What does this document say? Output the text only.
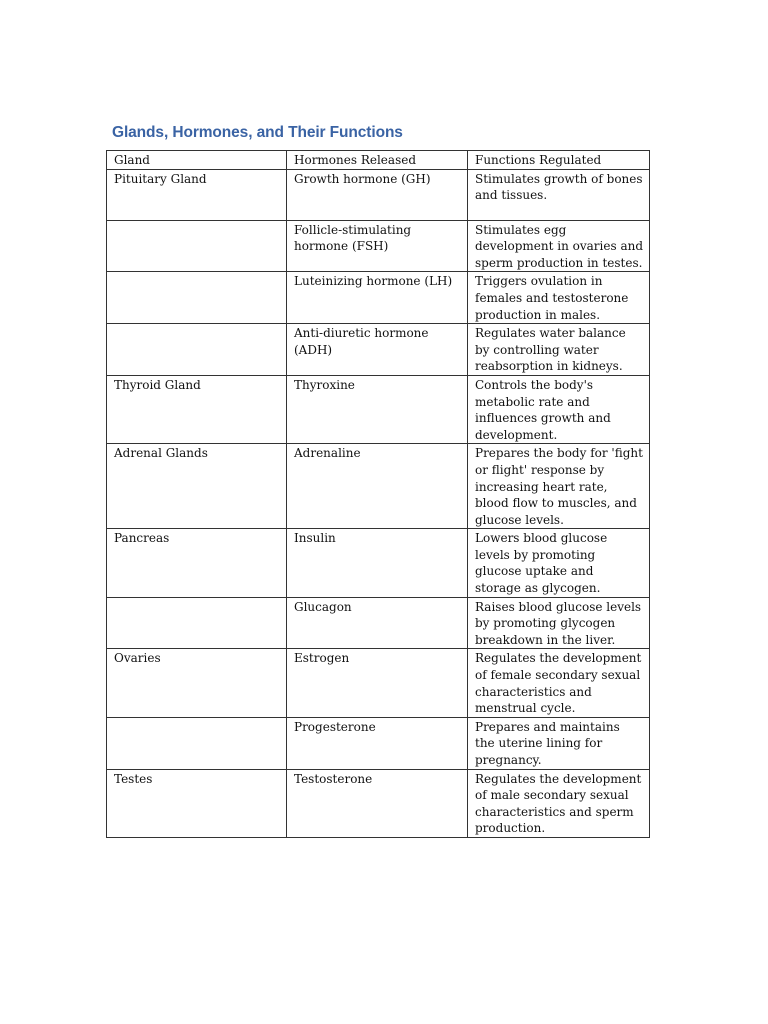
Glands, Hormones, and Their Functions
Gland	Hormones Released	Functions Regulated
Pituitary Gland	Growth hormone (GH)	Stimulates growth of bones and tissues.
	Follicle-stimulating hormone (FSH)	Stimulates egg development in ovaries and sperm production in testes.
	Luteinizing hormone (LH)	Triggers ovulation in females and testosterone production in males.
	Anti-diuretic hormone (ADH)	Regulates water balance by controlling water reabsorption in kidneys.
Thyroid Gland	Thyroxine	Controls the body's metabolic rate and influences growth and development.
Adrenal Glands	Adrenaline	Prepares the body for 'fight or flight' response by increasing heart rate, blood flow to muscles, and glucose levels.
Pancreas	Insulin	Lowers blood glucose levels by promoting glucose uptake and storage as glycogen.
	Glucagon	Raises blood glucose levels by promoting glycogen breakdown in the liver.
Ovaries	Estrogen	Regulates the development of female secondary sexual characteristics and menstrual cycle.
	Progesterone	Prepares and maintains the uterine lining for pregnancy.
Testes	Testosterone	Regulates the development of male secondary sexual characteristics and sperm production.
